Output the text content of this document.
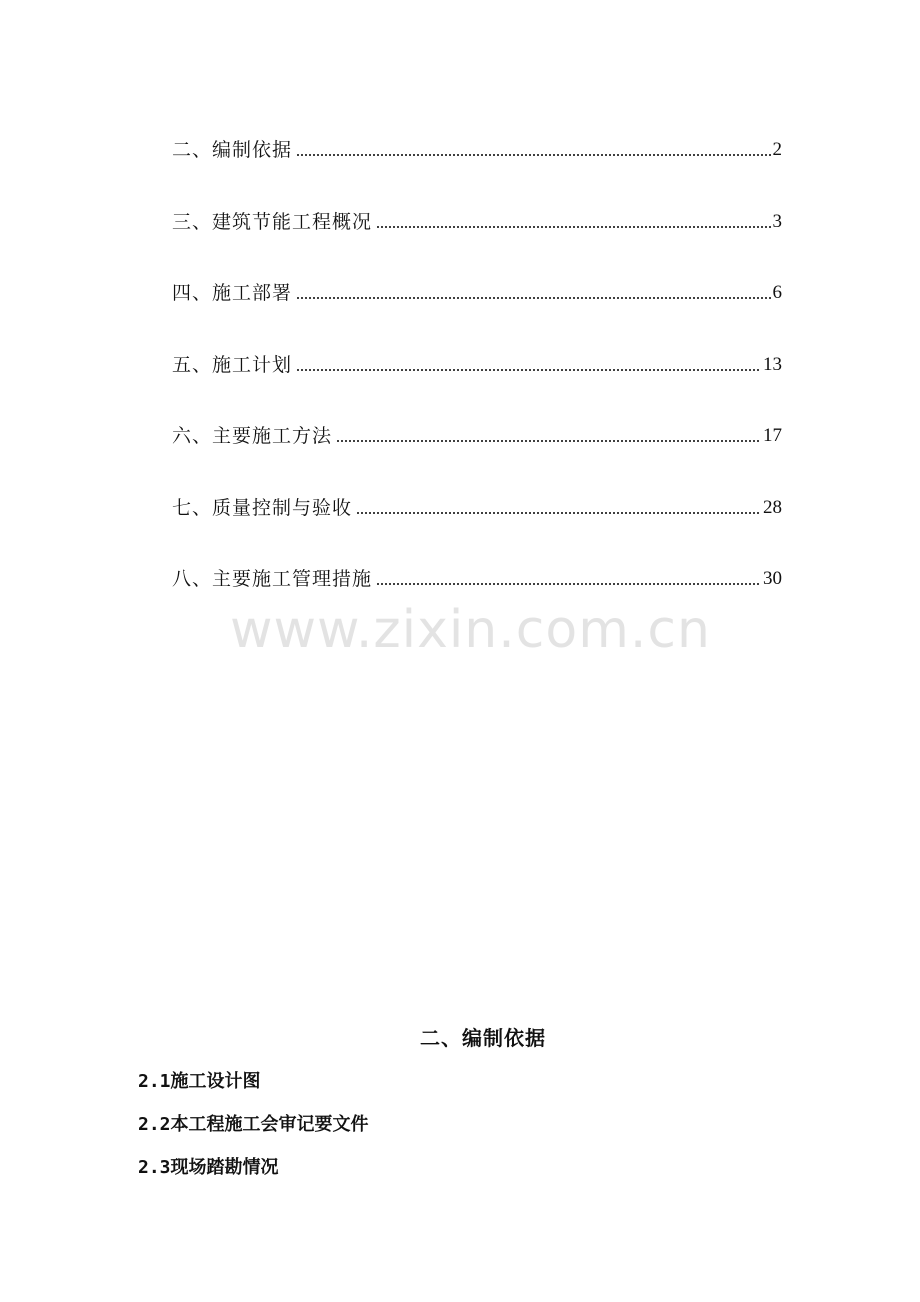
二、编制依据	2
三、建筑节能工程概况	3
四、施工部署	6
五、施工计划	13
六、主要施工方法	17
七、质量控制与验收	28
八、主要施工管理措施	30
www.zixin.com.cn
二、编制依据
2.1施工设计图
2.2本工程施工会审记要文件
2.3现场踏勘情况
